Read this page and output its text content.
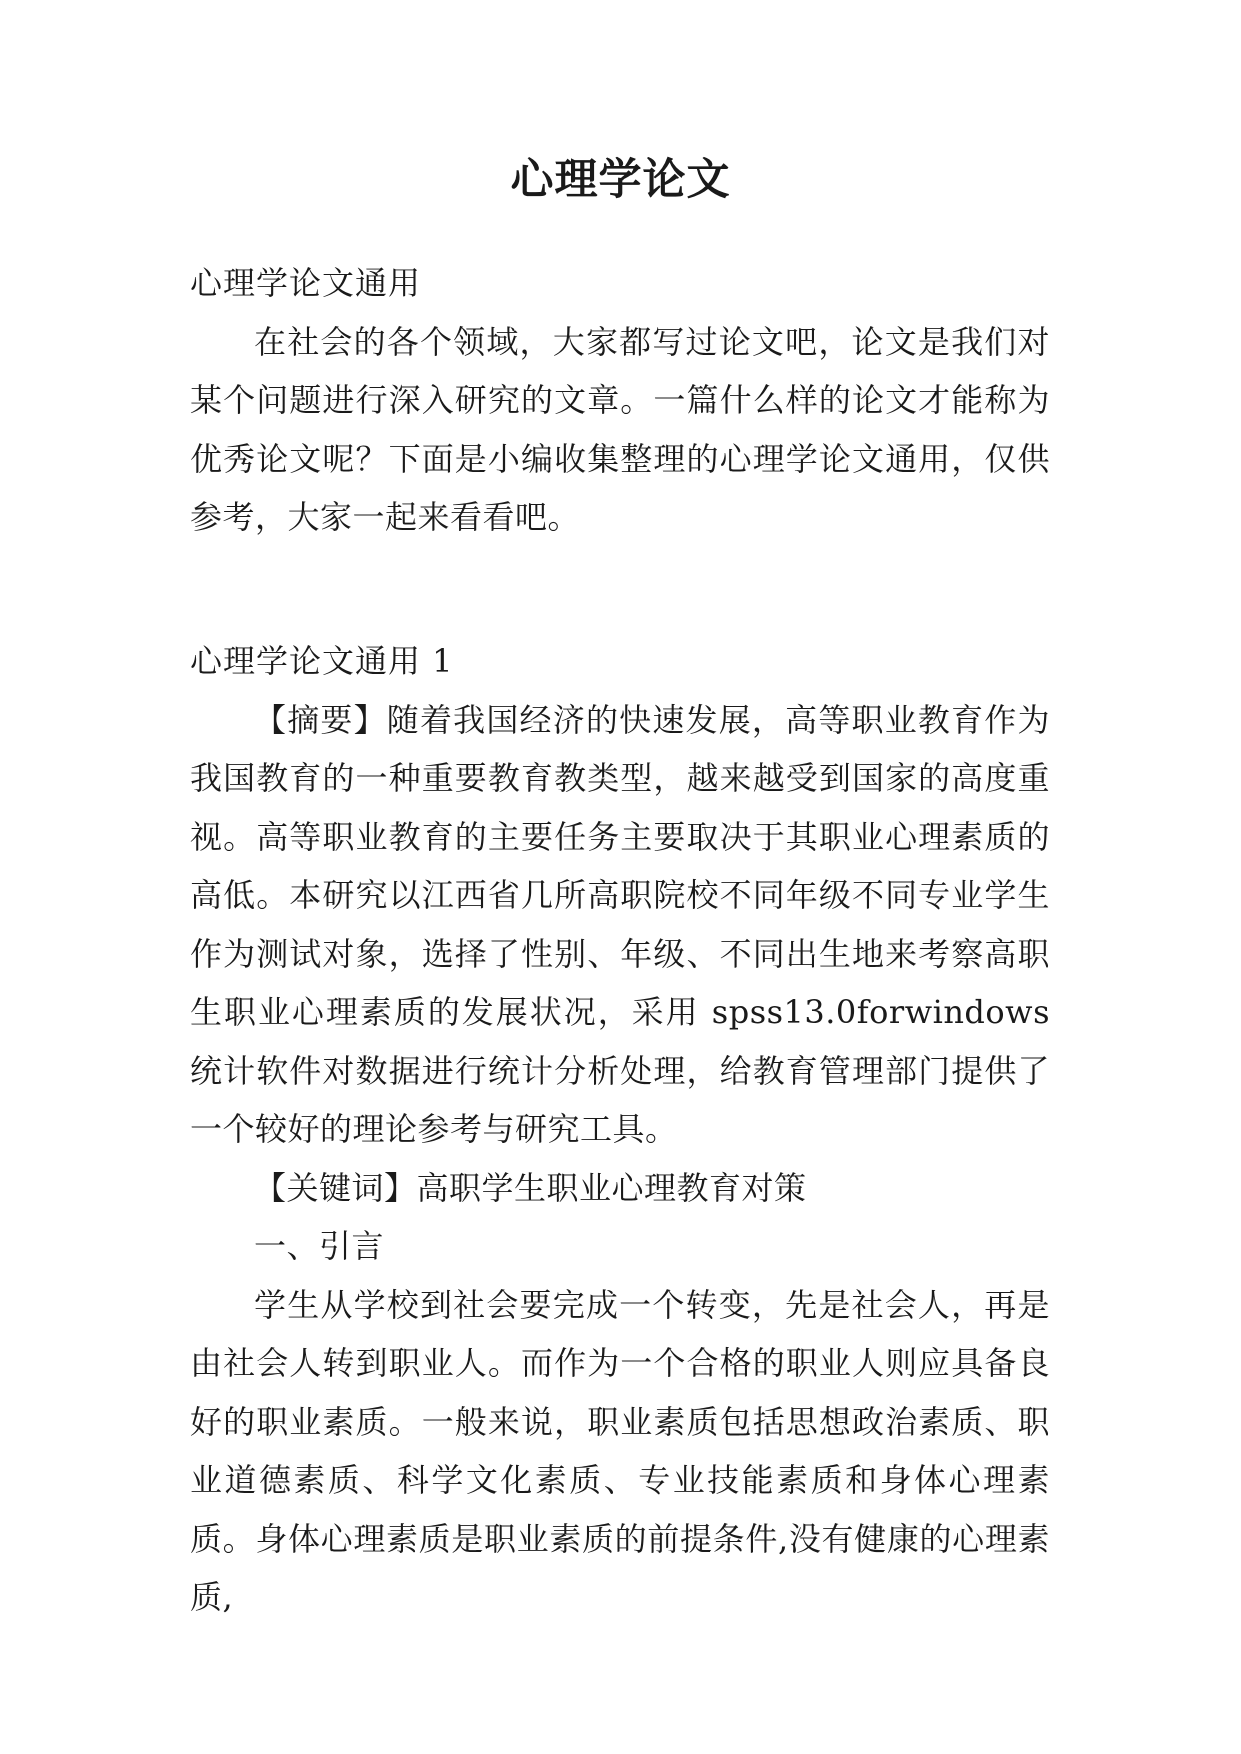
心理学论文

心理学论文通用

在社会的各个领域，大家都写过论文吧，论文是我们对某个问题进行深入研究的文章。一篇什么样的论文才能称为优秀论文呢？下面是小编收集整理的心理学论文通用，仅供参考，大家一起来看看吧。

心理学论文通用 1

【摘要】随着我国经济的快速发展，高等职业教育作为我国教育的一种重要教育教类型，越来越受到国家的高度重视。高等职业教育的主要任务主要取决于其职业心理素质的高低。本研究以江西省几所高职院校不同年级不同专业学生作为测试对象，选择了性别、年级、不同出生地来考察高职生职业心理素质的发展状况，采用 spss13.0forwindows 统计软件对数据进行统计分析处理，给教育管理部门提供了一个较好的理论参考与研究工具。

【关键词】高职学生职业心理教育对策

一、引言

学生从学校到社会要完成一个转变，先是社会人，再是由社会人转到职业人。而作为一个合格的职业人则应具备良好的职业素质。一般来说，职业素质包括思想政治素质、职业道德素质、科学文化素质、专业技能素质和身体心理素质。身体心理素质是职业素质的前提条件,没有健康的心理素质,
